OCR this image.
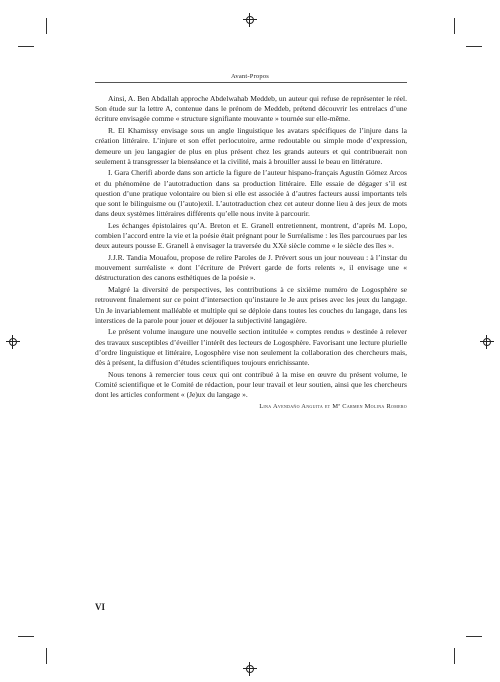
Avant-Propos

Ainsi, A. Ben Abdallah approche Abdelwahab Meddeb, un auteur qui refuse de représenter le réel. Son étude sur la lettre A, contenue dans le prénom de Meddeb, prétend découvrir les entrelacs d’une écriture envisagée comme « structure signifiante mouvante » tournée sur elle-même.

R. El Khamissy envisage sous un angle linguistique les avatars spécifiques de l’injure dans la création littéraire. L’injure et son effet perlocutoire, arme redoutable ou simple mode d’expression, demeure un jeu langagier de plus en plus présent chez les grands auteurs et qui contribuerait non seulement à transgresser la bienséance et la civilité, mais à brouiller aussi le beau en littérature.

I. Gara Cherifi aborde dans son article la figure de l’auteur hispano-français Agustín Gómez Arcos et du phénomène de l’autotraduction dans sa production littéraire. Elle essaie de dégager s’il est question d’une pratique volontaire ou bien si elle est associée à d’autres facteurs aussi importants tels que sont le bilinguisme ou (l’auto)exil. L’autotraduction chez cet auteur donne lieu à des jeux de mots dans deux systèmes littéraires différents qu’elle nous invite à parcourir.

Les échanges épistolaires qu’A. Breton et E. Granell entretiennent, montrent, d’après M. Lopo, combien l’accord entre la vie et la poésie était prégnant pour le Surréalisme : les îles parcourues par les deux auteurs pousse E. Granell à envisager la traversée du XXè siècle comme « le siècle des îles ».

J.J.R. Tandia Mouafou, propose de relire Paroles de J. Prévert sous un jour nouveau : à l’instar du mouvement surréaliste « dont l’écriture de Prévert garde de forts relents », il envisage une « déstructuration des canons esthétiques de la poésie ».

Malgré la diversité de perspectives, les contributions à ce sixième numéro de Logosphère se retrouvent finalement sur ce point d’intersection qu’instaure le Je aux prises avec les jeux du langage. Un Je invariablement malléable et multiple qui se déploie dans toutes les couches du langage, dans les interstices de la parole pour jouer et déjouer la subjectivité langagière.

Le présent volume inaugure une nouvelle section intitulée « comptes rendus » destinée à relever des travaux susceptibles d’éveiller l’intérêt des lecteurs de Logosphère. Favorisant une lecture plurielle d’ordre linguistique et littéraire, Logosphère vise non seulement la collaboration des chercheurs mais, dès à présent, la diffusion d’études scientifiques toujours enrichissante.

Nous tenons à remercier tous ceux qui ont contribué à la mise en œuvre du présent volume, le Comité scientifique et le Comité de rédaction, pour leur travail et leur soutien, ainsi que les chercheurs dont les articles conforment « (Je)ux du langage ».

Lina Avendaño Anguita et Mª Carmen Molina Romero

VI
